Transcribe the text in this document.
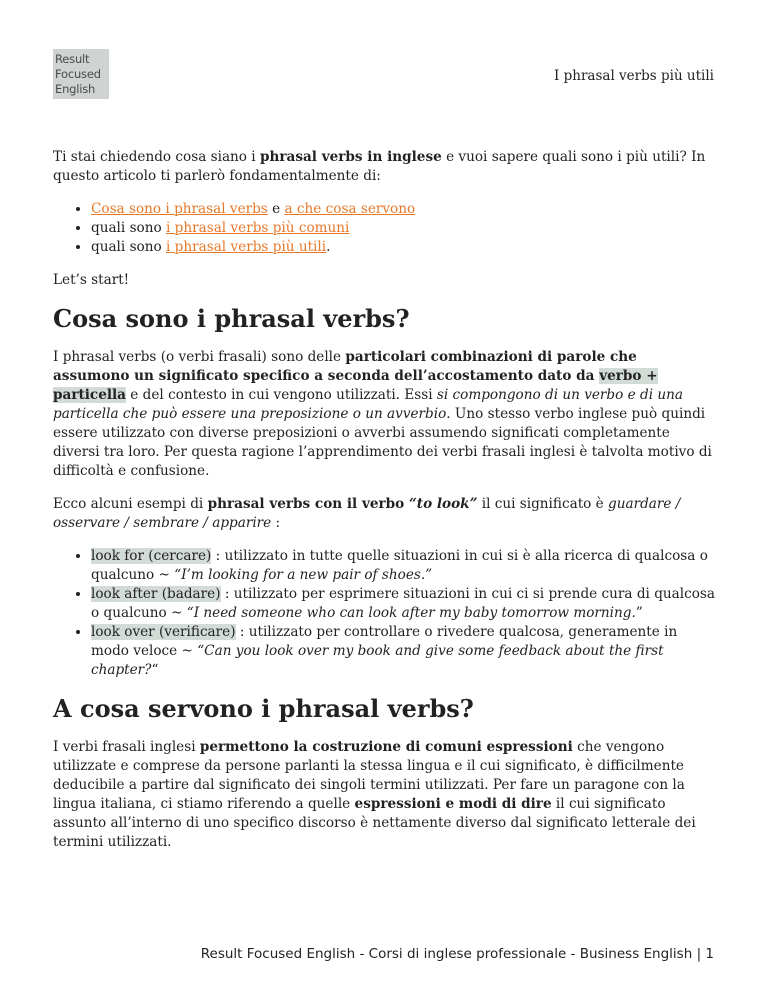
Result
Focused
English
I phrasal verbs più utili

Ti stai chiedendo cosa siano i phrasal verbs in inglese e vuoi sapere quali sono i più utili? In questo articolo ti parlerò fondamentalmente di:

• Cosa sono i phrasal verbs e a che cosa servono
• quali sono i phrasal verbs più comuni
• quali sono i phrasal verbs più utili.

Let’s start!

Cosa sono i phrasal verbs?

I phrasal verbs (o verbi frasali) sono delle particolari combinazioni di parole che assumono un significato specifico a seconda dell’accostamento dato da verbo + particella e del contesto in cui vengono utilizzati. Essi si compongono di un verbo e di una particella che può essere una preposizione o un avverbio. Uno stesso verbo inglese può quindi essere utilizzato con diverse preposizioni o avverbi assumendo significati completamente diversi tra loro. Per questa ragione l’apprendimento dei verbi frasali inglesi è talvolta motivo di difficoltà e confusione.

Ecco alcuni esempi di phrasal verbs con il verbo “to look” il cui significato è guardare / osservare / sembrare / apparire :

• look for (cercare) : utilizzato in tutte quelle situazioni in cui si è alla ricerca di qualcosa o qualcuno ~ “I’m looking for a new pair of shoes.”
• look after (badare) : utilizzato per esprimere situazioni in cui ci si prende cura di qualcosa o qualcuno ~ “I need someone who can look after my baby tomorrow morning.”
• look over (verificare) : utilizzato per controllare o rivedere qualcosa, generamente in modo veloce ~ “Can you look over my book and give some feedback about the first chapter?“
A cosa servono i phrasal verbs?

I verbi frasali inglesi permettono la costruzione di comuni espressioni che vengono utilizzate e comprese da persone parlanti la stessa lingua e il cui significato, è difficilmente deducibile a partire dal significato dei singoli termini utilizzati. Per fare un paragone con la lingua italiana, ci stiamo riferendo a quelle espressioni e modi di dire il cui significato assunto all’interno di uno specifico discorso è nettamente diverso dal significato letterale dei termini utilizzati.

Result Focused English - Corsi di inglese professionale - Business English | 1
